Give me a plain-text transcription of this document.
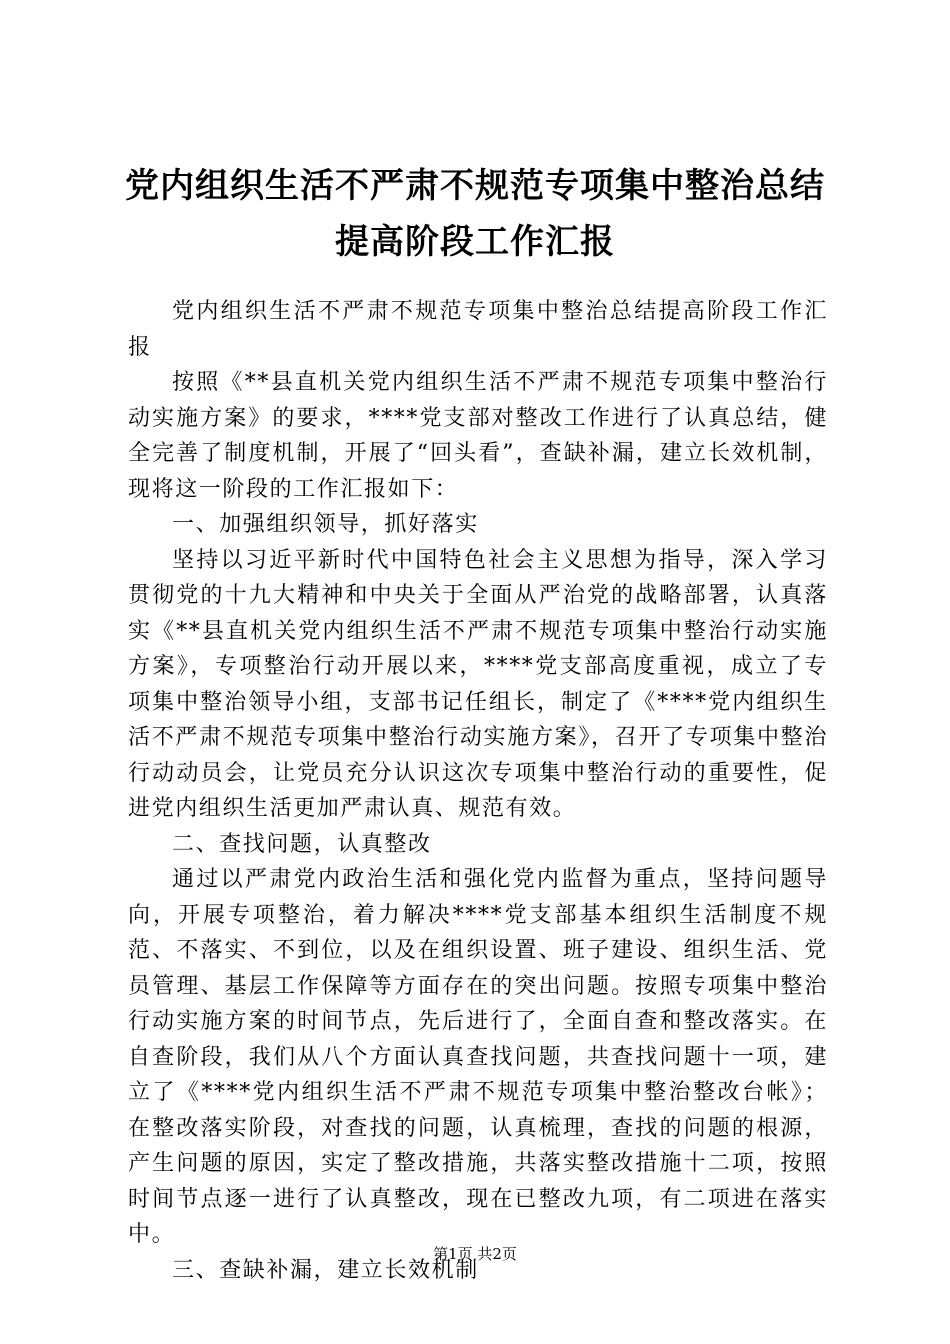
党内组织生活不严肃不规范专项集中整治总结
提高阶段工作汇报

党内组织生活不严肃不规范专项集中整治总结提高阶段工作汇报

按照《**县直机关党内组织生活不严肃不规范专项集中整治行动实施方案》的要求，****党支部对整改工作进行了认真总结，健全完善了制度机制，开展了“回头看”，查缺补漏，建立长效机制，现将这一阶段的工作汇报如下：

一、加强组织领导，抓好落实

坚持以习近平新时代中国特色社会主义思想为指导，深入学习贯彻党的十九大精神和中央关于全面从严治党的战略部署，认真落实《**县直机关党内组织生活不严肃不规范专项集中整治行动实施方案》，专项整治行动开展以来，****党支部高度重视，成立了专项集中整治领导小组，支部书记任组长，制定了《****党内组织生活不严肃不规范专项集中整治行动实施方案》，召开了专项集中整治行动动员会，让党员充分认识这次专项集中整治行动的重要性，促进党内组织生活更加严肃认真、规范有效。

二、查找问题，认真整改

通过以严肃党内政治生活和强化党内监督为重点，坚持问题导向，开展专项整治，着力解决****党支部基本组织生活制度不规范、不落实、不到位，以及在组织设置、班子建设、组织生活、党员管理、基层工作保障等方面存在的突出问题。按照专项集中整治行动实施方案的时间节点，先后进行了，全面自查和整改落实。在自查阶段，我们从八个方面认真查找问题，共查找问题十一项，建立了《****党内组织生活不严肃不规范专项集中整治整改台帐》；在整改落实阶段，对查找的问题，认真梳理，查找的问题的根源，产生问题的原因，实定了整改措施，共落实整改措施十二项，按照时间节点逐一进行了认真整改，现在已整改九项，有二项进在落实中。

三、查缺补漏，建立长效机制

第1页 共2页
